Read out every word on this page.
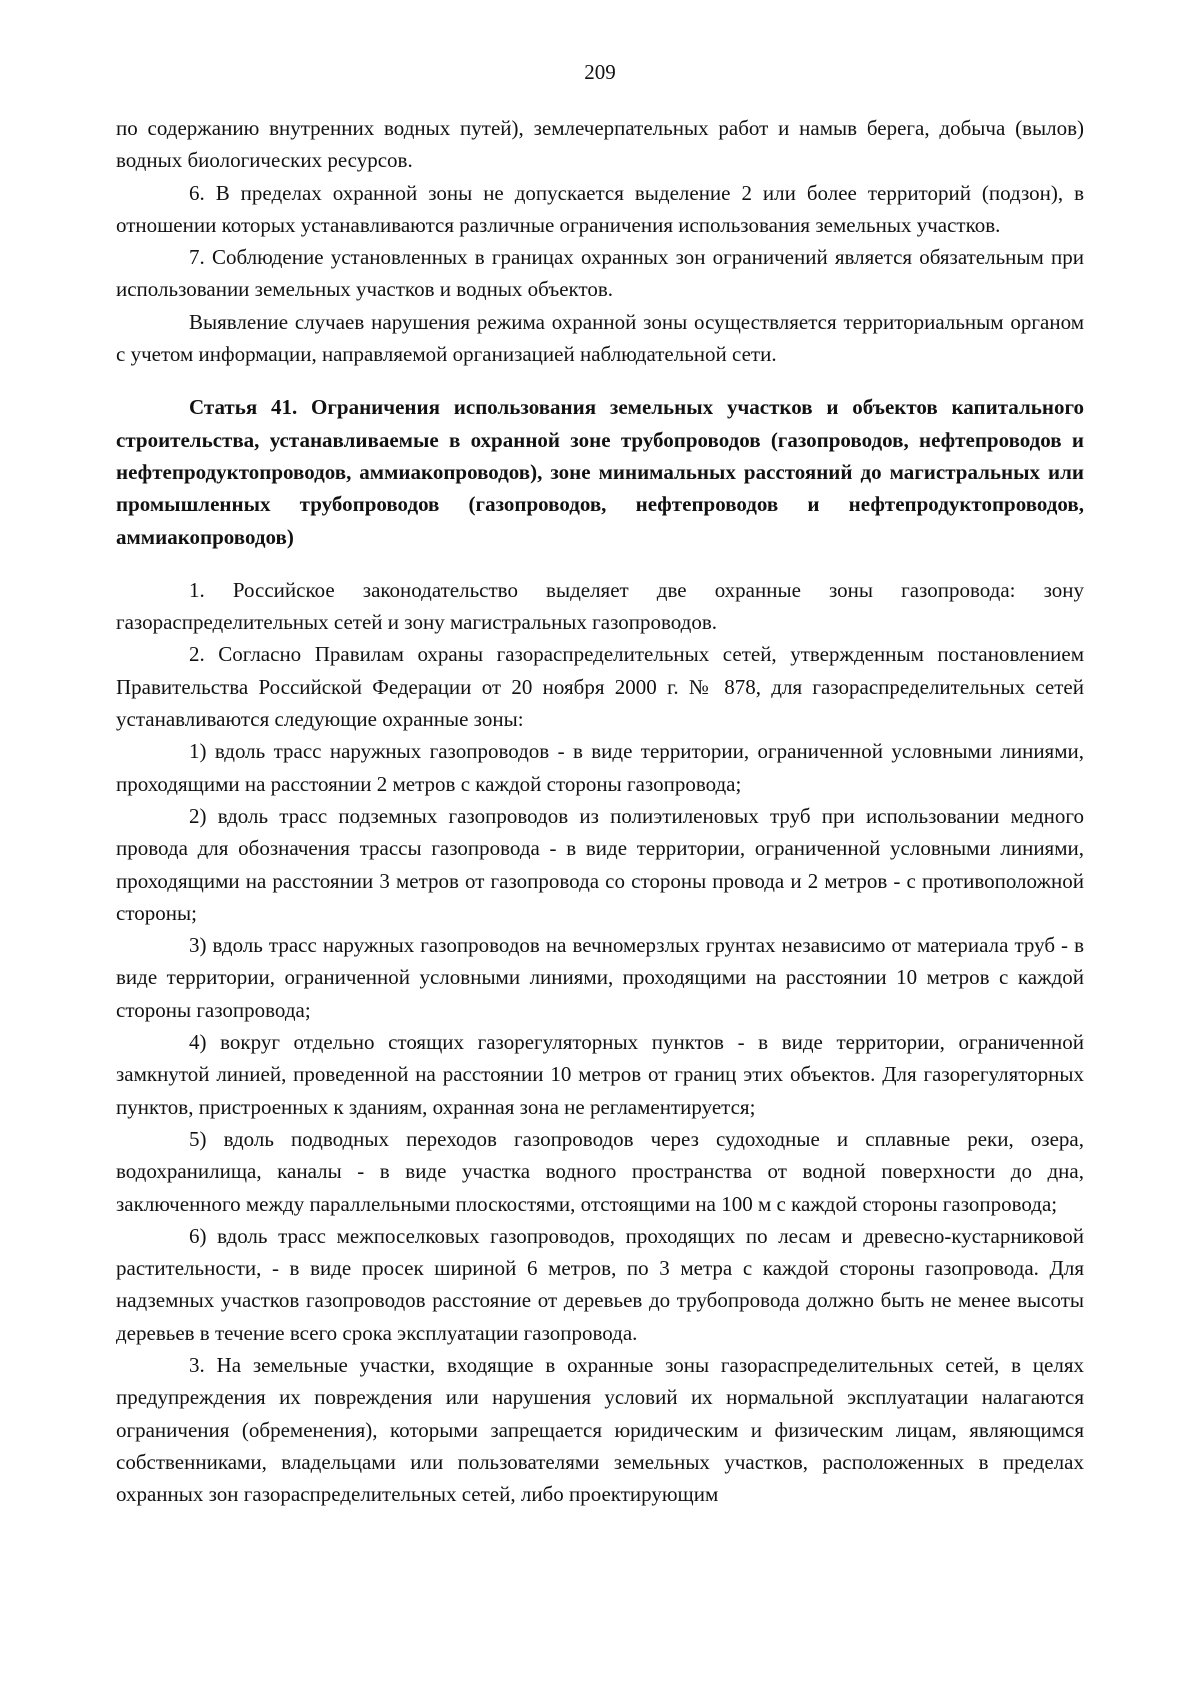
209

по содержанию внутренних водных путей), землечерпательных работ и намыв берега, добыча (вылов) водных биологических ресурсов.

6. В пределах охранной зоны не допускается выделение 2 или более территорий (подзон), в отношении которых устанавливаются различные ограничения использования земельных участков.

7. Соблюдение установленных в границах охранных зон ограничений является обязательным при использовании земельных участков и водных объектов.

Выявление случаев нарушения режима охранной зоны осуществляется территориальным органом с учетом информации, направляемой организацией наблюдательной сети.

Статья 41. Ограничения использования земельных участков и объектов капитального строительства, устанавливаемые в охранной зоне трубопроводов (газопроводов, нефтепроводов и нефтепродуктопроводов, аммиакопроводов), зоне минимальных расстояний до магистральных или промышленных трубопроводов (газопроводов, нефтепроводов и нефтепродуктопроводов, аммиакопроводов)

1. Российское законодательство выделяет две охранные зоны газопровода: зону газораспределительных сетей и зону магистральных газопроводов.

2. Согласно Правилам охраны газораспределительных сетей, утвержденным постановлением Правительства Российской Федерации от 20 ноября 2000 г. № 878, для газораспределительных сетей устанавливаются следующие охранные зоны:

1) вдоль трасс наружных газопроводов - в виде территории, ограниченной условными линиями, проходящими на расстоянии 2 метров с каждой стороны газопровода;

2) вдоль трасс подземных газопроводов из полиэтиленовых труб при использовании медного провода для обозначения трассы газопровода - в виде территории, ограниченной условными линиями, проходящими на расстоянии 3 метров от газопровода со стороны провода и 2 метров - с противоположной стороны;

3) вдоль трасс наружных газопроводов на вечномерзлых грунтах независимо от материала труб - в виде территории, ограниченной условными линиями, проходящими на расстоянии 10 метров с каждой стороны газопровода;

4) вокруг отдельно стоящих газорегуляторных пунктов - в виде территории, ограниченной замкнутой линией, проведенной на расстоянии 10 метров от границ этих объектов. Для газорегуляторных пунктов, пристроенных к зданиям, охранная зона не регламентируется;

5) вдоль подводных переходов газопроводов через судоходные и сплавные реки, озера, водохранилища, каналы - в виде участка водного пространства от водной поверхности до дна, заключенного между параллельными плоскостями, отстоящими на 100 м с каждой стороны газопровода;

6) вдоль трасс межпоселковых газопроводов, проходящих по лесам и древесно-кустарниковой растительности, - в виде просек шириной 6 метров, по 3 метра с каждой стороны газопровода. Для надземных участков газопроводов расстояние от деревьев до трубопровода должно быть не менее высоты деревьев в течение всего срока эксплуатации газопровода.

3. На земельные участки, входящие в охранные зоны газораспределительных сетей, в целях предупреждения их повреждения или нарушения условий их нормальной эксплуатации налагаются ограничения (обременения), которыми запрещается юридическим и физическим лицам, являющимся собственниками, владельцами или пользователями земельных участков, расположенных в пределах охранных зон газораспределительных сетей, либо проектирующим
